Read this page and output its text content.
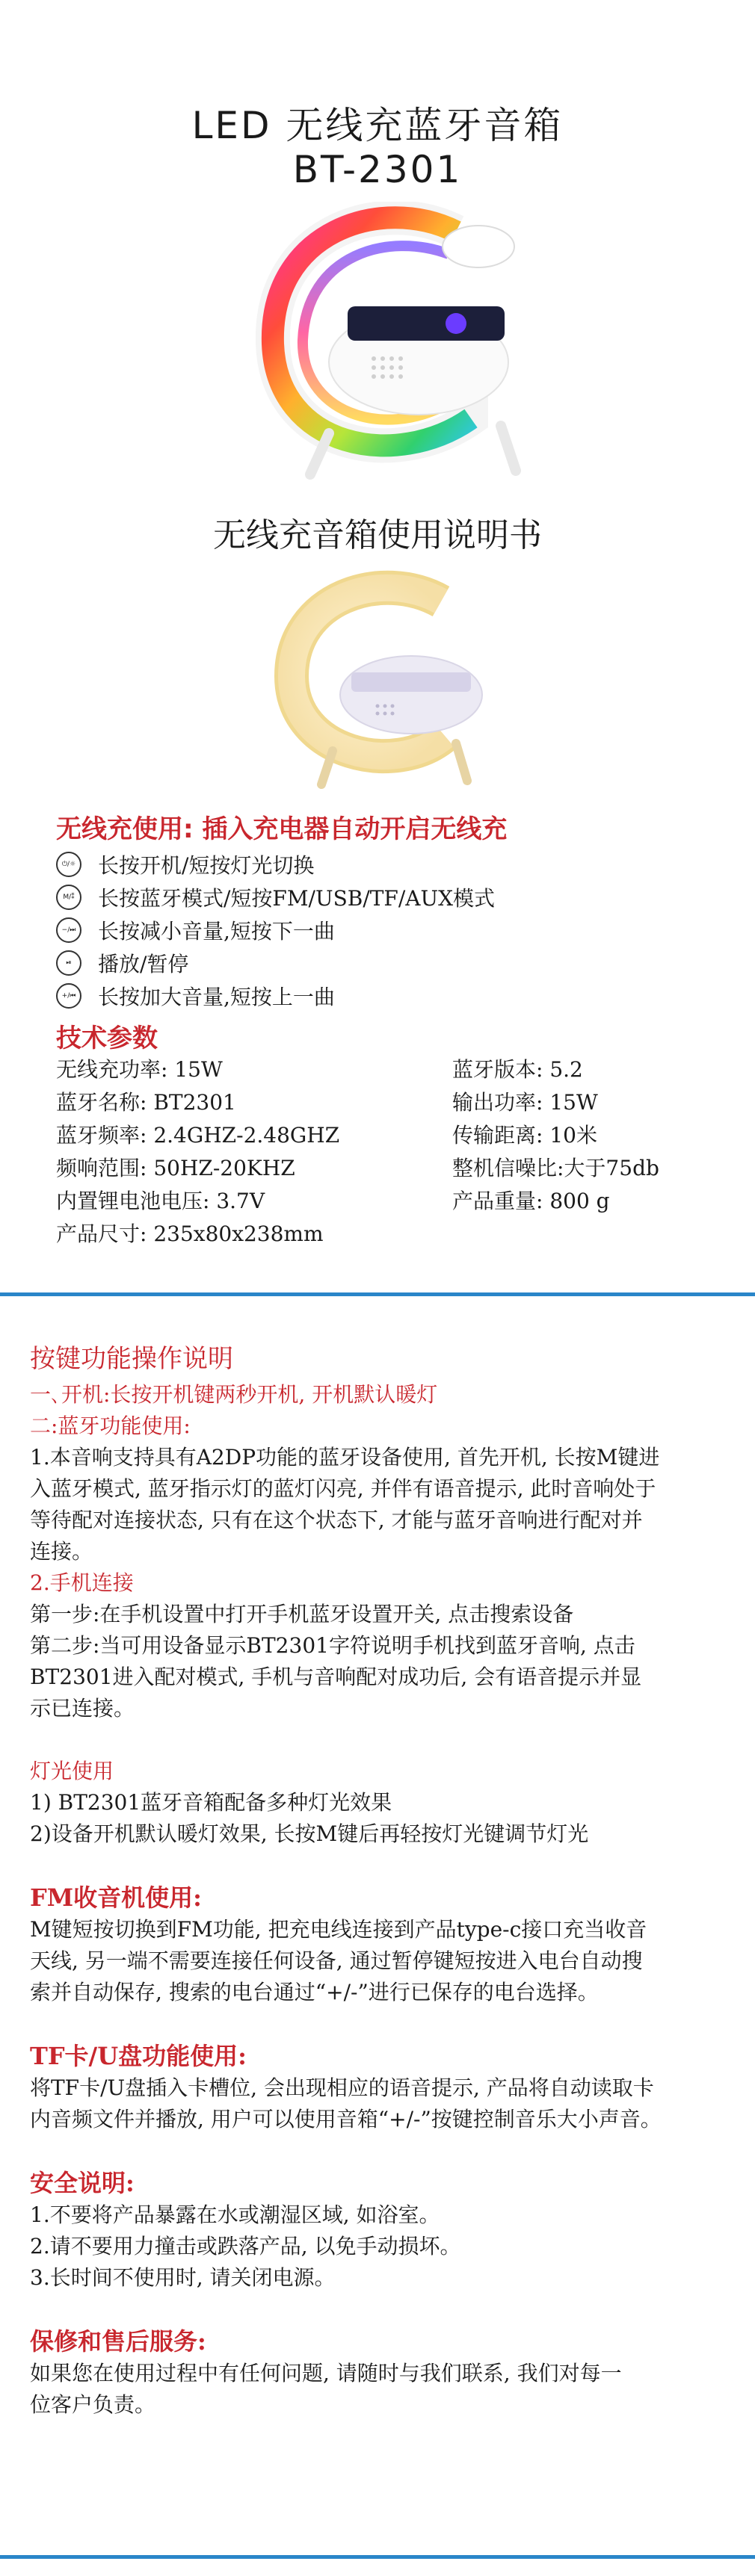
LED 无线充蓝牙音箱
BT-2301
无线充音箱使用说明书
无线充使用: 插入充电器自动开启无线充
⏻/☼ 长按开机/短按灯光切换
M/⁑	长按蓝牙模式/短按FM/USB/TF/AUX模式
−/⏭ 长按减小音量,短按下一曲
⏯	播放/暂停
+/⏮ 长按加大音量,短按上一曲
技术参数
无线充功率: 15W
蓝牙名称: BT2301
蓝牙频率: 2.4GHZ-2.48GHZ
频响范围: 50HZ-20KHZ
内置锂电池电压: 3.7V
产品尺寸: 235x80x238mm
蓝牙版本: 5.2
输出功率: 15W
传输距离: 10米
整机信噪比:大于75db
产品重量: 800 g

按键功能操作说明

一､开机:长按开机键两秒开机, 开机默认暖灯

二:蓝牙功能使用:

1.本音响支持具有A2DP功能的蓝牙设备使用, 首先开机, 长按M键进

入蓝牙模式, 蓝牙指示灯的蓝灯闪亮, 并伴有语音提示, 此时音响处于

等待配对连接状态, 只有在这个状态下, 才能与蓝牙音响进行配对并

连接｡

2.手机连接

第一步:在手机设置中打开手机蓝牙设置开关, 点击搜索设备

第二步:当可用设备显示BT2301字符说明手机找到蓝牙音响, 点击

BT2301进入配对模式, 手机与音响配对成功后, 会有语音提示并显

示已连接｡

灯光使用

1) BT2301蓝牙音箱配备多种灯光效果

2)设备开机默认暖灯效果, 长按M键后再轻按灯光键调节灯光

FM收音机使用:

M键短按切换到FM功能, 把充电线连接到产品type-c接口充当收音

天线, 另一端不需要连接任何设备, 通过暂停键短按进入电台自动搜

索并自动保存, 搜索的电台通过“+/-”进行已保存的电台选择｡

TF卡/U盘功能使用:

将TF卡/U盘插入卡槽位, 会出现相应的语音提示, 产品将自动读取卡

内音频文件并播放, 用户可以使用音箱“+/-”按键控制音乐大小声音｡

安全说明:

1.不要将产品暴露在水或潮湿区域, 如浴室｡

2.请不要用力撞击或跌落产品, 以免手动损坏｡

3.长时间不使用时, 请关闭电源｡

保修和售后服务:

如果您在使用过程中有任何问题, 请随时与我们联系, 我们对每一

位客户负责｡
